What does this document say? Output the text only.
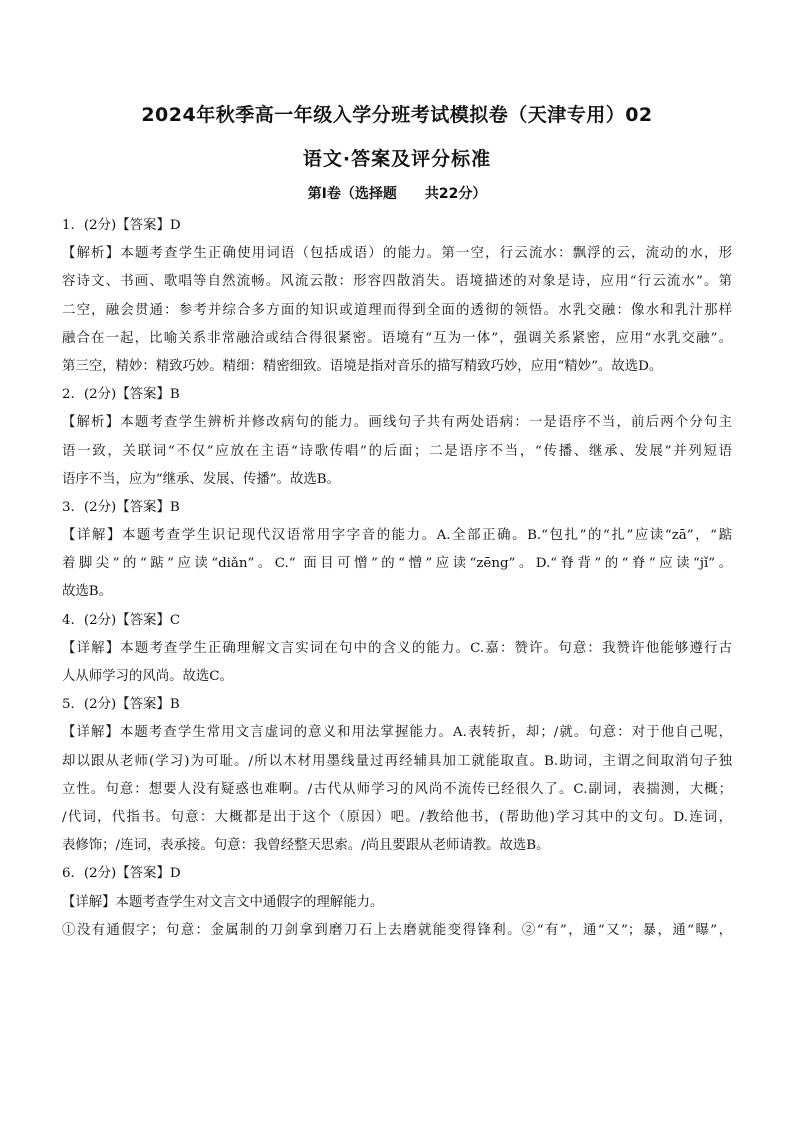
2024年秋季高一年级入学分班考试模拟卷（天津专用）02
语文·答案及评分标准
第Ⅰ卷（选择题　　共22分）
1．(2分)【答案】D
【解析】本题考查学生正确使用词语（包括成语）的能力。第一空，行云流水：飘浮的云，流动的水，形
容诗文、书画、歌唱等自然流畅。风流云散：形容四散消失。语境描述的对象是诗，应用“行云流水”。第
二空，融会贯通：参考并综合多方面的知识或道理而得到全面的透彻的领悟。水乳交融：像水和乳汁那样
融合在一起，比喻关系非常融洽或结合得很紧密。语境有“互为一体”，强调关系紧密，应用“水乳交融”。
第三空，精妙：精致巧妙。精细：精密细致。语境是指对音乐的描写精致巧妙，应用“精妙”。故选D。
2．(2分)【答案】B
【解析】本题考查学生辨析并修改病句的能力。画线句子共有两处语病：一是语序不当，前后两个分句主
语一致，关联词“不仅”应放在主语“诗歌传唱”的后面；二是语序不当，“传播、继承、发展”并列短语
语序不当，应为“继承、发展、传播”。故选B。
3．(2分)【答案】B
【详解】本题考查学生识记现代汉语常用字字音的能力。A.全部正确。B.“包扎”的“扎”应读“zā”，“踮
着脚尖”的“踮”应读“diǎn”。C.“ 面目可憎”的“憎”应读“zēng”。D.“脊背”的“脊”应读“jǐ”。
故选B。
4．(2分)【答案】C
【详解】本题考查学生正确理解文言实词在句中的含义的能力。C.嘉：赞许。句意：我赞许他能够遵行古
人从师学习的风尚。故选C。
5．(2分)【答案】B
【详解】本题考查学生常用文言虚词的意义和用法掌握能力。A.表转折，却；/就。句意：对于他自己呢，
却以跟从老师(学习)为可耻。/所以木材用墨线量过再经辅具加工就能取直。B.助词，主谓之间取消句子独
立性。句意：想要人没有疑惑也难啊。/古代从师学习的风尚不流传已经很久了。C.副词，表揣测，大概；
/代词，代指书。句意：大概都是出于这个（原因）吧。/教给他书，(帮助他)学习其中的文句。D.连词，
表修饰；/连词，表承接。句意：我曾经整天思索。/尚且要跟从老师请教。故选B。
6．(2分)【答案】D
【详解】本题考查学生对文言文中通假字的理解能力。
①没有通假字；句意：金属制的刀剑拿到磨刀石上去磨就能变得锋利。②“有”，通“又”；暴，通“曝”，
